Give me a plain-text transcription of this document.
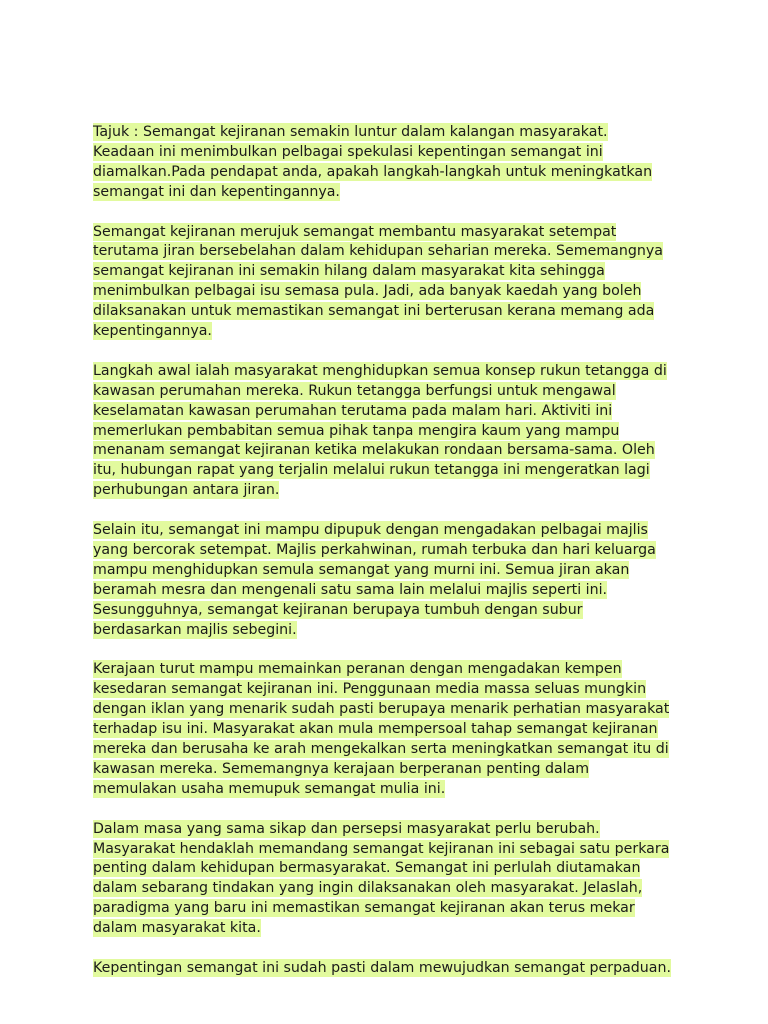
Tajuk : Semangat kejiranan semakin luntur dalam kalangan masyarakat.
Keadaan ini menimbulkan pelbagai spekulasi kepentingan semangat ini
diamalkan.Pada pendapat anda, apakah langkah-langkah untuk meningkatkan
semangat ini dan kepentingannya.

Semangat kejiranan merujuk semangat membantu masyarakat setempat
terutama jiran bersebelahan dalam kehidupan seharian mereka. Sememangnya
semangat kejiranan ini semakin hilang dalam masyarakat kita sehingga
menimbulkan pelbagai isu semasa pula. Jadi, ada banyak kaedah yang boleh
dilaksanakan untuk memastikan semangat ini berterusan kerana memang ada
kepentingannya.

Langkah awal ialah masyarakat menghidupkan semua konsep rukun tetangga di
kawasan perumahan mereka. Rukun tetangga berfungsi untuk mengawal
keselamatan kawasan perumahan terutama pada malam hari. Aktiviti ini
memerlukan pembabitan semua pihak tanpa mengira kaum yang mampu
menanam semangat kejiranan ketika melakukan rondaan bersama-sama. Oleh
itu, hubungan rapat yang terjalin melalui rukun tetangga ini mengeratkan lagi
perhubungan antara jiran.

Selain itu, semangat ini mampu dipupuk dengan mengadakan pelbagai majlis
yang bercorak setempat. Majlis perkahwinan, rumah terbuka dan hari keluarga
mampu menghidupkan semula semangat yang murni ini. Semua jiran akan
beramah mesra dan mengenali satu sama lain melalui majlis seperti ini.
Sesungguhnya, semangat kejiranan berupaya tumbuh dengan subur
berdasarkan majlis sebegini.

Kerajaan turut mampu memainkan peranan dengan mengadakan kempen
kesedaran semangat kejiranan ini. Penggunaan media massa seluas mungkin
dengan iklan yang menarik sudah pasti berupaya menarik perhatian masyarakat
terhadap isu ini. Masyarakat akan mula mempersoal tahap semangat kejiranan
mereka dan berusaha ke arah mengekalkan serta meningkatkan semangat itu di
kawasan mereka. Sememangnya kerajaan berperanan penting dalam
memulakan usaha memupuk semangat mulia ini.

Dalam masa yang sama sikap dan persepsi masyarakat perlu berubah.
Masyarakat hendaklah memandang semangat kejiranan ini sebagai satu perkara
penting dalam kehidupan bermasyarakat. Semangat ini perlulah diutamakan
dalam sebarang tindakan yang ingin dilaksanakan oleh masyarakat. Jelaslah,
paradigma yang baru ini memastikan semangat kejiranan akan terus mekar
dalam masyarakat kita.

Kepentingan semangat ini sudah pasti dalam mewujudkan semangat perpaduan.
